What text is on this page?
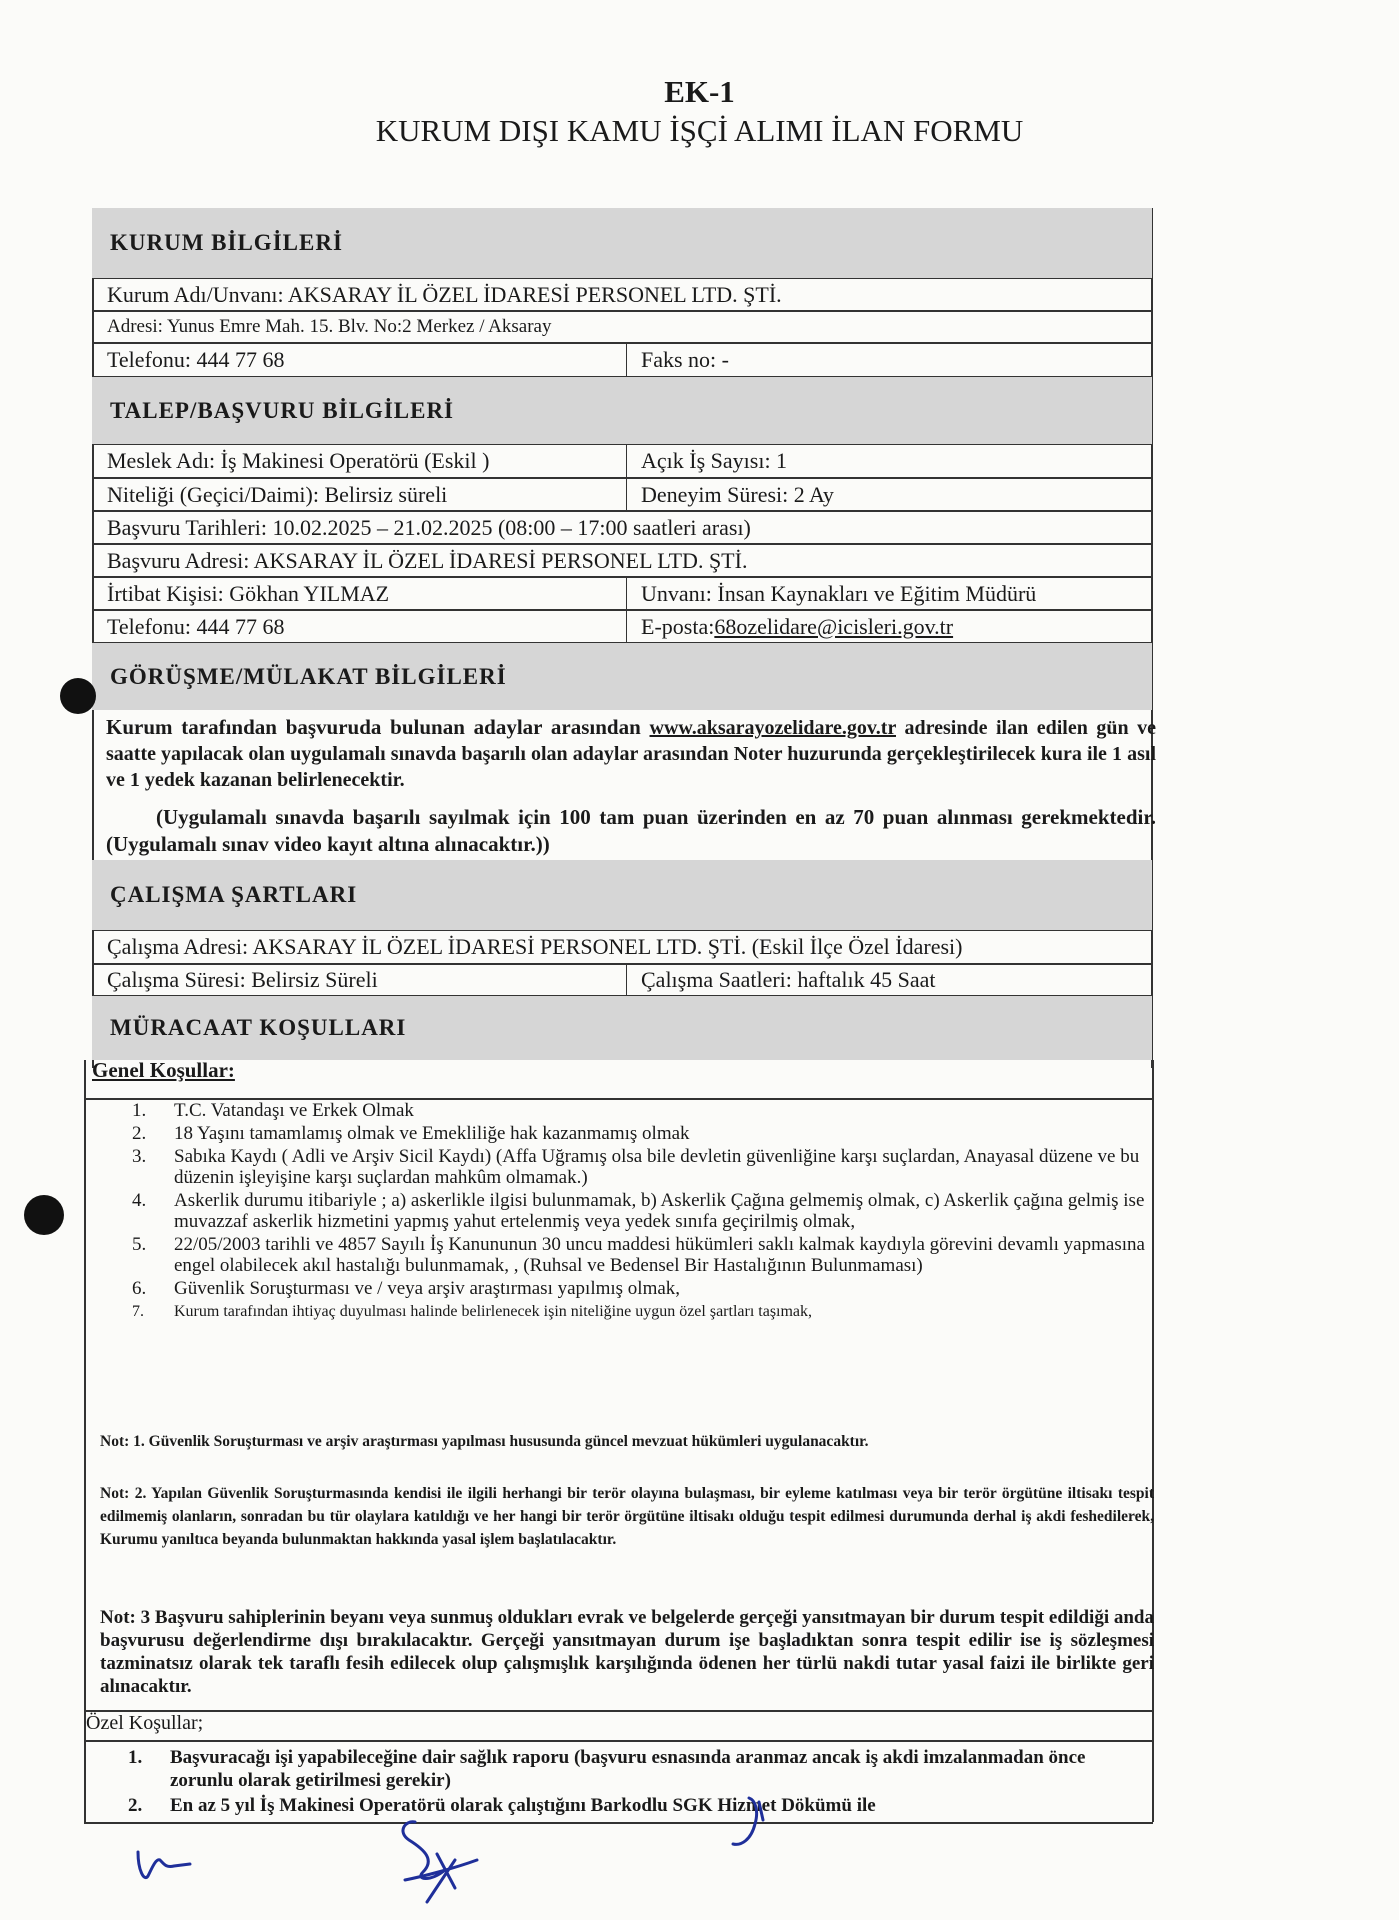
EK-1
KURUM DIŞI KAMU İŞÇİ ALIMI İLAN FORMU
KURUM BİLGİLERİ
Kurum Adı/Unvanı: AKSARAY İL ÖZEL İDARESİ PERSONEL LTD. ŞTİ.
Adresi: Yunus Emre Mah. 15. Blv. No:2 Merkez / Aksaray
Telefonu: 444 77 68	Faks no: -
TALEP/BAŞVURU BİLGİLERİ
Meslek Adı: İş Makinesi Operatörü (Eskil )	Açık İş Sayısı: 1
Niteliği (Geçici/Daimi): Belirsiz süreli	Deneyim Süresi: 2 Ay
Başvuru Tarihleri: 10.02.2025 – 21.02.2025 (08:00 – 17:00 saatleri arası)
Başvuru Adresi: AKSARAY İL ÖZEL İDARESİ PERSONEL LTD. ŞTİ.
İrtibat Kişisi: Gökhan YILMAZ	Unvanı: İnsan Kaynakları ve Eğitim Müdürü
Telefonu: 444 77 68	E-posta: 68ozelidare@icisleri.gov.tr
GÖRÜŞME/MÜLAKAT BİLGİLERİ
Kurum tarafından başvuruda bulunan adaylar arasından www.aksarayozelidare.gov.tr adresinde ilan edilen gün ve saatte yapılacak olan uygulamalı sınavda başarılı olan adaylar arasından Noter huzurunda gerçekleştirilecek kura ile 1 asıl ve 1 yedek kazanan belirlenecektir.
(Uygulamalı sınavda başarılı sayılmak için 100 tam puan üzerinden en az 70 puan alınması gerekmektedir. (Uygulamalı sınav video kayıt altına alınacaktır.))
ÇALIŞMA ŞARTLARI
Çalışma Adresi: AKSARAY İL ÖZEL İDARESİ PERSONEL LTD. ŞTİ. (Eskil İlçe Özel İdaresi)
Çalışma Süresi: Belirsiz Süreli	Çalışma Saatleri: haftalık 45 Saat
MÜRACAAT KOŞULLARI
Genel Koşullar:
1. T.C. Vatandaşı ve Erkek Olmak
2. 18 Yaşını tamamlamış olmak ve Emekliliğe hak kazanmamış olmak
3. Sabıka Kaydı ( Adli ve Arşiv Sicil Kaydı) (Affa Uğramış olsa bile devletin güvenliğine karşı suçlardan, Anayasal düzene ve bu düzenin işleyişine karşı suçlardan mahkûm olmamak.)
4. Askerlik durumu itibariyle ; a) askerlikle ilgisi bulunmamak, b) Askerlik Çağına gelmemiş olmak, c) Askerlik çağına gelmiş ise muvazzaf askerlik hizmetini yapmış yahut ertelenmiş veya yedek sınıfa geçirilmiş olmak,
5. 22/05/2003 tarihli ve 4857 Sayılı İş Kanununun 30 uncu maddesi hükümleri saklı kalmak kaydıyla görevini devamlı yapmasına engel olabilecek akıl hastalığı bulunmamak, , (Ruhsal ve Bedensel Bir Hastalığının Bulunmaması)
6. Güvenlik Soruşturması ve / veya arşiv araştırması yapılmış olmak,
7. Kurum tarafından ihtiyaç duyulması halinde belirlenecek işin niteliğine uygun özel şartları taşımak,
Not: 1. Güvenlik Soruşturması ve arşiv araştırması yapılması hususunda güncel mevzuat hükümleri uygulanacaktır.
Not: 2. Yapılan Güvenlik Soruşturmasında kendisi ile ilgili herhangi bir terör olayına bulaşması, bir eyleme katılması veya bir terör örgütüne iltisakı tespit edilmemiş olanların, sonradan bu tür olaylara katıldığı ve her hangi bir terör örgütüne iltisakı olduğu tespit edilmesi durumunda derhal iş akdi feshedilerek, Kurumu yanıltıca beyanda bulunmaktan hakkında yasal işlem başlatılacaktır.
Not: 3 Başvuru sahiplerinin beyanı veya sunmuş oldukları evrak ve belgelerde gerçeği yansıtmayan bir durum tespit edildiği anda başvurusu değerlendirme dışı bırakılacaktır. Gerçeği yansıtmayan durum işe başladıktan sonra tespit edilir ise iş sözleşmesi tazminatsız olarak tek taraflı fesih edilecek olup çalışmışlık karşılığında ödenen her türlü nakdi tutar yasal faizi ile birlikte geri alınacaktır.
Özel Koşullar;
1. Başvuracağı işi yapabileceğine dair sağlık raporu (başvuru esnasında aranmaz ancak iş akdi imzalanmadan önce zorunlu olarak getirilmesi gerekir)
2. En az 5 yıl İş Makinesi Operatörü olarak çalıştığını Barkodlu SGK Hizmet Dökümü ile
